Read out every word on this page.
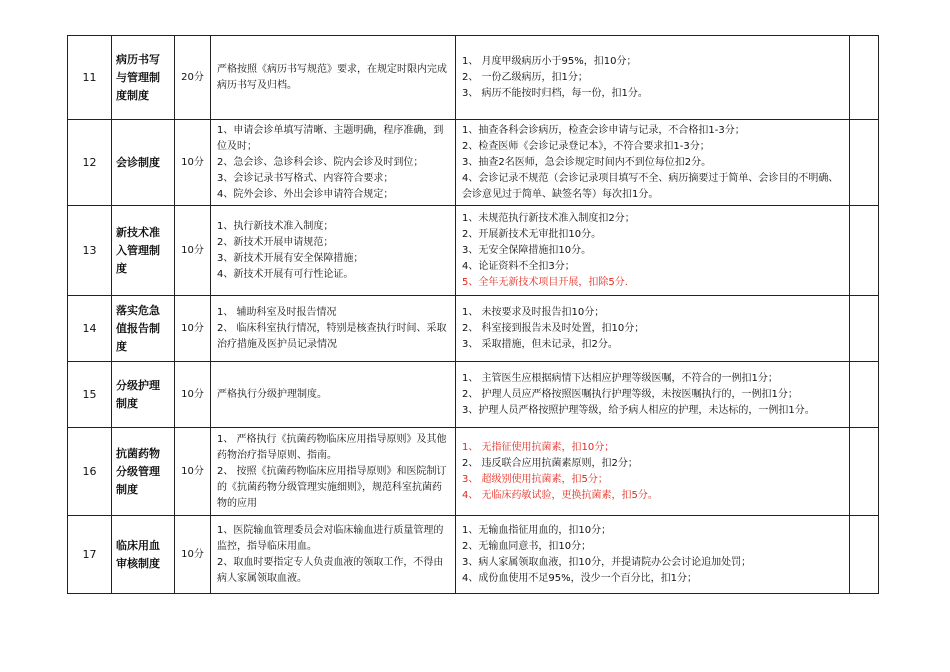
11	病历书写与管理制度制度	20分	严格按照《病历书写规范》要求，在规定时限内完成病历书写及归档。	1、 月度甲级病历小于95%，扣10分；
2、 一份乙级病历，扣1分；
3、 病历不能按时归档，每一份，扣1分。	

12	会诊制度	10分	1、申请会诊单填写清晰、主题明确，程序准确，到位及时；
2、急会诊、急诊科会诊、院内会诊及时到位；
3、会诊记录书写格式、内容符合要求；
4、院外会诊、外出会诊申请符合规定；	1、抽查各科会诊病历，检查会诊申请与记录，不合格扣1-3分；
2、检查医师《会诊记录登记本》，不符合要求扣1-3分；
3、抽查2名医师，急会诊规定时间内不到位每位扣2分。
4、会诊记录不规范（会诊记录项目填写不全、病历摘要过于简单、会诊目的不明确、会诊意见过于简单、缺签名等）每次扣1分。	

13	新技术准入管理制度	10分	1、执行新技术准入制度；
2、新技术开展申请规范；
3、新技术开展有安全保障措施；
4、新技术开展有可行性论证。	1、未规范执行新技术准入制度扣2分；
2、开展新技术无审批扣10分。
3、无安全保障措施扣10分。
4、论证资料不全扣3分；
5、全年无新技术项目开展，扣除5分.	

14	落实危急值报告制度	10分	1、 辅助科室及时报告情况
2、 临床科室执行情况，特别是核查执行时间、采取治疗措施及医护员记录情况	1、 未按要求及时报告扣10分；
2、 科室接到报告未及时处置，扣10分；
3、 采取措施，但未记录，扣2分。	

15	分级护理制度	10分	严格执行分级护理制度。	1、 主管医生应根据病情下达相应护理等级医嘱，不符合的一例扣1分；
2、 护理人员应严格按照医嘱执行护理等级，未按医嘱执行的，一例扣1分；
3、护理人员严格按照护理等级，给予病人相应的护理，未达标的，一例扣1分。	

16	抗菌药物分级管理制度	10分	1、 严格执行《抗菌药物临床应用指导原则》及其他药物治疗指导原则、指南。
2、 按照《抗菌药物临床应用指导原则》和医院制订的《抗菌药物分级管理实施细则》，规范科室抗菌药物的应用	1、 无指征使用抗菌素，扣10分；
2、 违反联合应用抗菌素原则，扣2分；
3、 超级别使用抗菌素，扣5分；
4、 无临床药敏试验，更换抗菌素，扣5分。	

17	临床用血审核制度	10分	1、医院输血管理委员会对临床输血进行质量管理的监控，指导临床用血。
2、取血时要指定专人负责血液的领取工作，不得由病人家属领取血液。	1、无输血指征用血的，扣10分；
2、无输血同意书，扣10分；
3、病人家属领取血液，扣10分，并提请院办公会讨论追加处罚；
4、成份血使用不足95%，没少一个百分比，扣1分；	
